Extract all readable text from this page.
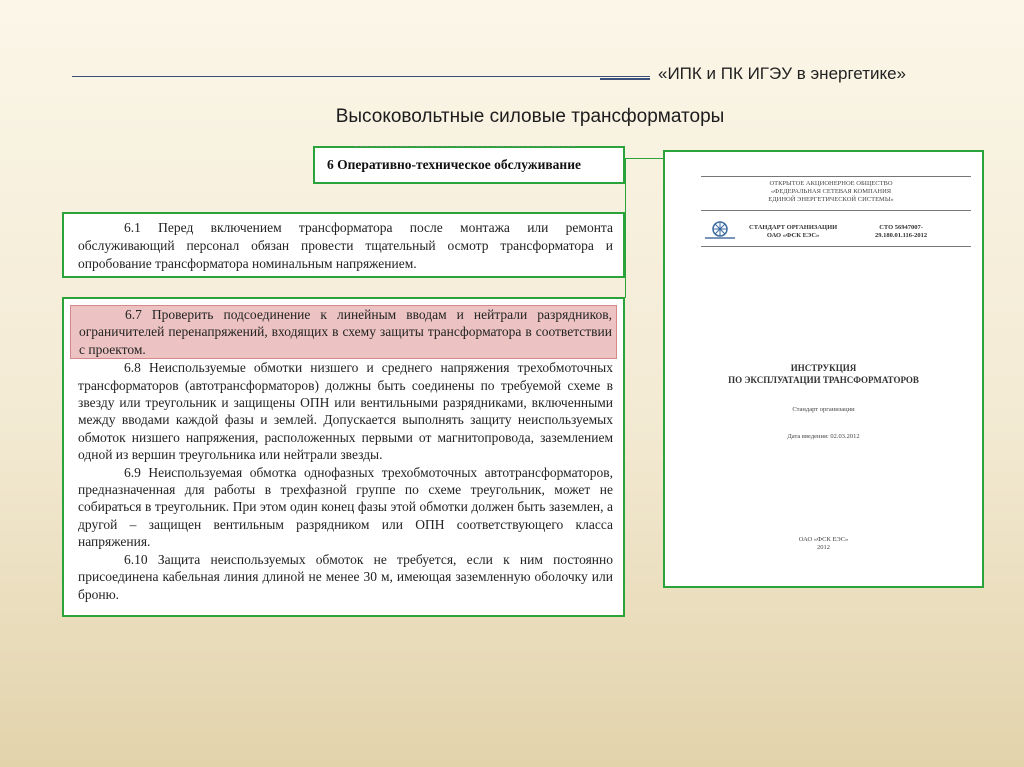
«ИПК и ПК ИГЭУ в энергетике»
Высоковольтные силовые трансформаторы
6 Оперативно-техническое обслуживание

6.1 Перед включением трансформатора после монтажа или ремонта обслуживающий персонал обязан провести тщательный осмотр трансформатора и опробование трансформатора номинальным напряжением.

6.7 Проверить подсоединение к линейным вводам и нейтрали разрядников, ограничителей перенапряжений, входящих в схему защиты трансформатора в соответствии с проектом.

6.8 Неиспользуемые обмотки низшего и среднего напряжения трехобмоточных трансформаторов (автотрансформаторов) должны быть соединены по требуемой схеме в звезду или треугольник и защищены ОПН или вентильными разрядниками, включенными между вводами каждой фазы и землей. Допускается выполнять защиту неиспользуемых обмоток низшего напряжения, расположенных первыми от магнитопровода, заземлением одной из вершин треугольника или нейтрали звезды.

6.9 Неиспользуемая обмотка однофазных трехобмоточных автотрансформаторов, предназначенная для работы в трехфазной группе по схеме треугольник, может не собираться в треугольник. При этом один конец фазы этой обмотки должен быть заземлен, а другой – защищен вентильным разрядником или ОПН соответствующего класса напряжения.

6.10 Защита неиспользуемых обмоток не требуется, если к ним постоянно присоединена кабельная линия длиной не менее 30 м, имеющая заземленную оболочку или броню.

ОТКРЫТОЕ АКЦИОНЕРНОЕ ОБЩЕСТВО
«ФЕДЕРАЛЬНАЯ СЕТЕВАЯ КОМПАНИЯ
ЕДИНОЙ ЭНЕРГЕТИЧЕСКОЙ СИСТЕМЫ»
СТАНДАРТ ОРГАНИЗАЦИИ
ОАО «ФСК ЕЭС»
СТО 56947007-
29.180.01.116-2012
ИНСТРУКЦИЯ
ПО ЭКСПЛУАТАЦИИ ТРАНСФОРМАТОРОВ
Стандарт организации
Дата введения: 02.03.2012
ОАО «ФСК ЕЭС»
2012
